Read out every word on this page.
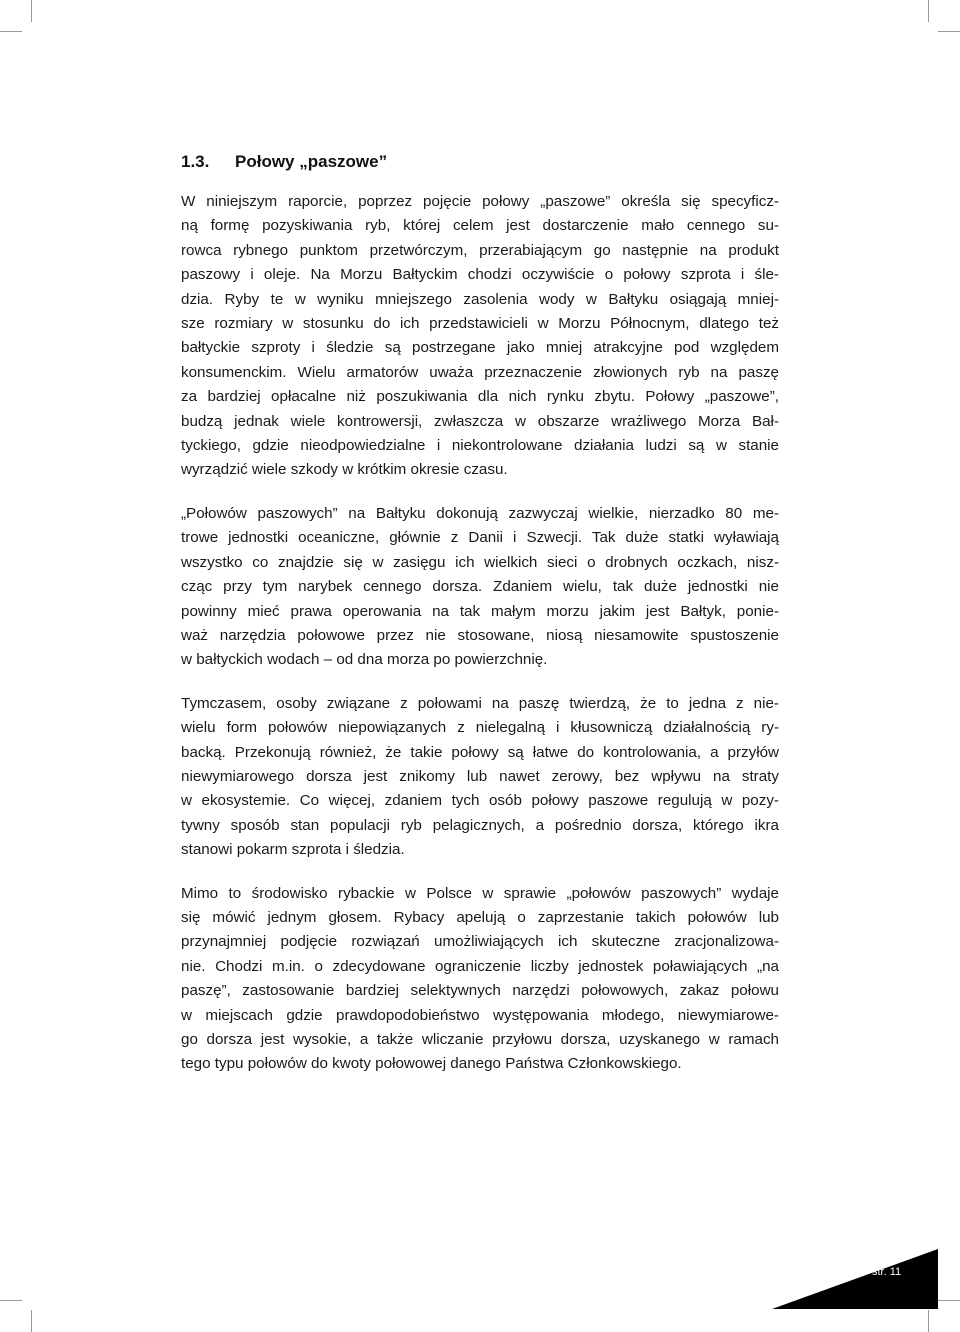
1.3. Połowy „paszowe”

W niniejszym raporcie, poprzez pojęcie połowy „paszowe” określa się specyficz-
ną formę pozyskiwania ryb, której celem jest dostarczenie mało cennego su-
rowca rybnego punktom przetwórczym, przerabiającym go następnie na produkt
paszowy i oleje. Na Morzu Bałtyckim chodzi oczywiście o połowy szprota i śle-
dzia. Ryby te w wyniku mniejszego zasolenia wody w Bałtyku osiągają mniej-
sze rozmiary w stosunku do ich przedstawicieli w Morzu Północnym, dlatego też
bałtyckie szproty i śledzie są postrzegane jako mniej atrakcyjne pod względem
konsumenckim. Wielu armatorów uważa przeznaczenie złowionych ryb na paszę
za bardziej opłacalne niż poszukiwania dla nich rynku zbytu. Połowy „paszowe”,
budzą jednak wiele kontrowersji, zwłaszcza w obszarze wrażliwego Morza Bał-
tyckiego, gdzie nieodpowiedzialne i niekontrolowane działania ludzi są w stanie
wyrządzić wiele szkody w krótkim okresie czasu.

„Połowów paszowych” na Bałtyku dokonują zazwyczaj wielkie, nierzadko 80 me-
trowe jednostki oceaniczne, głównie z Danii i Szwecji. Tak duże statki wyławiają
wszystko co znajdzie się w zasięgu ich wielkich sieci o drobnych oczkach, nisz-
cząc przy tym narybek cennego dorsza. Zdaniem wielu, tak duże jednostki nie
powinny mieć prawa operowania na tak małym morzu jakim jest Bałtyk, ponie-
waż narzędzia połowowe przez nie stosowane, niosą niesamowite spustoszenie
w bałtyckich wodach – od dna morza po powierzchnię.

Tymczasem, osoby związane z połowami na paszę twierdzą, że to jedna z nie-
wielu form połowów niepowiązanych z nielegalną i kłusowniczą działalnością ry-
backą. Przekonują również, że takie połowy są łatwe do kontrolowania, a przyłów
niewymiarowego dorsza jest znikomy lub nawet zerowy, bez wpływu na straty
w ekosystemie. Co więcej, zdaniem tych osób połowy paszowe regulują w pozy-
tywny sposób stan populacji ryb pelagicznych, a pośrednio dorsza, którego ikra
stanowi pokarm szprota i śledzia.

Mimo to środowisko rybackie w Polsce w sprawie „połowów paszowych” wydaje
się mówić jednym głosem. Rybacy apelują o zaprzestanie takich połowów lub
przynajmniej podjęcie rozwiązań umożliwiających ich skuteczne zracjonalizowa-
nie. Chodzi m.in. o zdecydowane ograniczenie liczby jednostek poławiających „na
paszę”, zastosowanie bardziej selektywnych narzędzi połowowych, zakaz połowu
w miejscach gdzie prawdopodobieństwo występowania młodego, niewymiarowe-
go dorsza jest wysokie, a także wliczanie przyłowu dorsza, uzyskanego w ramach
tego typu połowów do kwoty połowowej danego Państwa Członkowskiego.

str. 11
